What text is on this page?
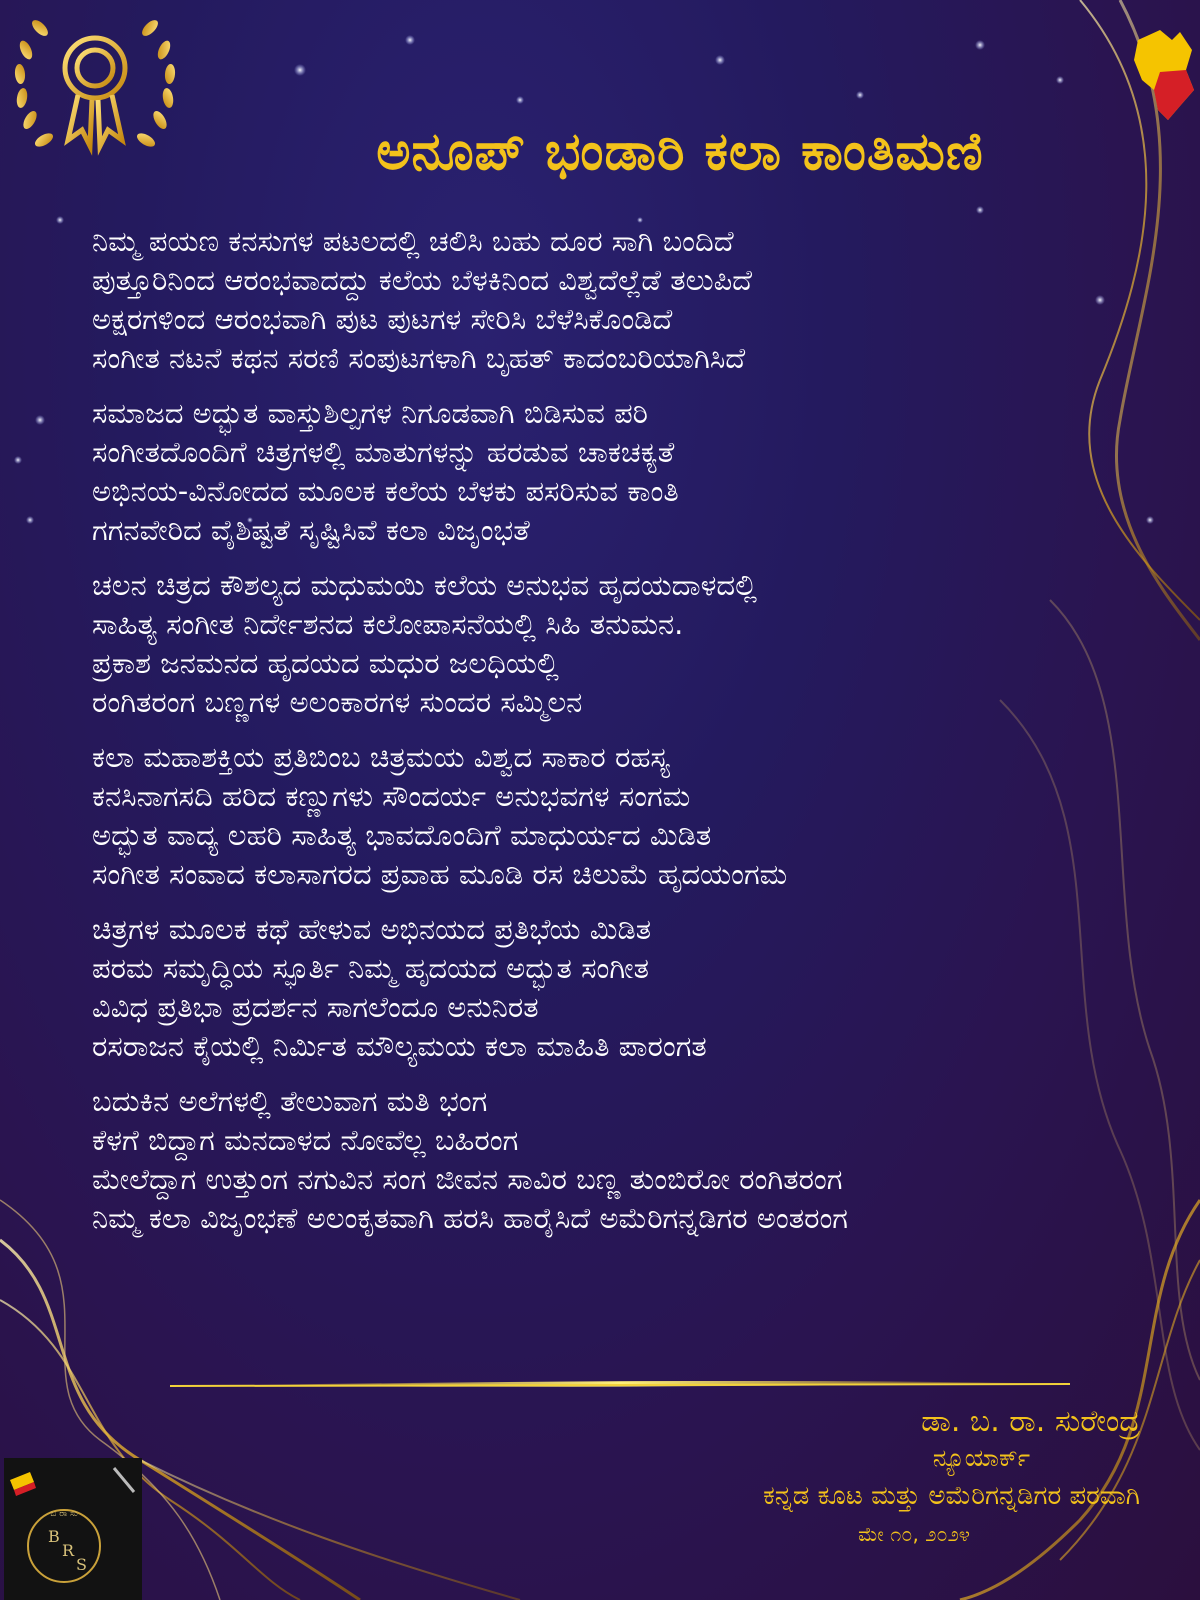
ಅನೂಪ್ ಭಂಡಾರಿ ಕಲಾ ಕಾಂತಿಮಣಿ
ನಿಮ್ಮ ಪಯಣ ಕನಸುಗಳ ಪಟಲದಲ್ಲಿ ಚಲಿಸಿ ಬಹು ದೂರ ಸಾಗಿ ಬಂದಿದೆ
ಪುತ್ತೂರಿನಿಂದ ಆರಂಭವಾದದ್ದು ಕಲೆಯ ಬೆಳಕಿನಿಂದ ವಿಶ್ವದೆಲ್ಲೆಡೆ ತಲುಪಿದೆ
ಅಕ್ಷರಗಳಿಂದ ಆರಂಭವಾಗಿ ಪುಟ ಪುಟಗಳ ಸೇರಿಸಿ ಬೆಳೆಸಿಕೊಂಡಿದೆ
ಸಂಗೀತ ನಟನೆ ಕಥನ ಸರಣಿ ಸಂಪುಟಗಳಾಗಿ ಬೃಹತ್ ಕಾದಂಬರಿಯಾಗಿಸಿದೆ
ಸಮಾಜದ ಅದ್ಭುತ ವಾಸ್ತುಶಿಲ್ಪಗಳ ನಿಗೂಡವಾಗಿ ಬಿಡಿಸುವ ಪರಿ
ಸಂಗೀತದೊಂದಿಗೆ ಚಿತ್ರಗಳಲ್ಲಿ ಮಾತುಗಳನ್ನು ಹರಡುವ ಚಾಕಚಕ್ಯತೆ
ಅಭಿನಯ-ವಿನೋದದ ಮೂಲಕ ಕಲೆಯ ಬೆಳಕು ಪಸರಿಸುವ ಕಾಂತಿ
ಗಗನವೇರಿದ ವೈಶಿಷ್ಟತೆ ಸೃಷ್ಟಿಸಿವೆ ಕಲಾ ವಿಜೃಂಭತೆ
ಚಲನ ಚಿತ್ರದ ಕೌಶಲ್ಯದ ಮಧುಮಯಿ ಕಲೆಯ ಅನುಭವ ಹೃದಯದಾಳದಲ್ಲಿ
ಸಾಹಿತ್ಯ ಸಂಗೀತ ನಿರ್ದೇಶನದ ಕಲೋಪಾಸನೆಯಲ್ಲಿ ಸಿಹಿ ತನುಮನ.
ಪ್ರಕಾಶ ಜನಮನದ ಹೃದಯದ ಮಧುರ ಜಲಧಿಯಲ್ಲಿ
ರಂಗಿತರಂಗ ಬಣ್ಣಗಳ ಅಲಂಕಾರಗಳ ಸುಂದರ ಸಮ್ಮಿಲನ
ಕಲಾ ಮಹಾಶಕ್ತಿಯ ಪ್ರತಿಬಿಂಬ ಚಿತ್ರಮಯ ವಿಶ್ವದ ಸಾಕಾರ ರಹಸ್ಯ
ಕನಸಿನಾಗಸದಿ ಹರಿದ ಕಣ್ಣುಗಳು ಸೌಂದರ್ಯ ಅನುಭವಗಳ ಸಂಗಮ
ಅದ್ಭುತ ವಾದ್ಯ ಲಹರಿ ಸಾಹಿತ್ಯ ಭಾವದೊಂದಿಗೆ ಮಾಧುರ್ಯದ ಮಿಡಿತ
ಸಂಗೀತ ಸಂವಾದ ಕಲಾಸಾಗರದ ಪ್ರವಾಹ ಮೂಡಿ ರಸ ಚಿಲುಮೆ ಹೃದಯಂಗಮ
ಚಿತ್ರಗಳ ಮೂಲಕ ಕಥೆ ಹೇಳುವ ಅಭಿನಯದ ಪ್ರತಿಭೆಯ ಮಿಡಿತ
ಪರಮ ಸಮೃದ್ಧಿಯ ಸ್ಫೂರ್ತಿ ನಿಮ್ಮ ಹೃದಯದ ಅದ್ಭುತ ಸಂಗೀತ
ವಿವಿಧ ಪ್ರತಿಭಾ ಪ್ರದರ್ಶನ ಸಾಗಲೆಂದೂ ಅನುನಿರತ
ರಸರಾಜನ ಕೈಯಲ್ಲಿ ನಿರ್ಮಿತ ಮೌಲ್ಯಮಯ ಕಲಾ ಮಾಹಿತಿ ಪಾರಂಗತ
ಬದುಕಿನ ಅಲೆಗಳಲ್ಲಿ ತೇಲುವಾಗ ಮತಿ ಭಂಗ
ಕೆಳಗೆ ಬಿದ್ದಾಗ ಮನದಾಳದ ನೋವೆಲ್ಲ ಬಹಿರಂಗ
ಮೇಲೆದ್ದಾಗ ಉತ್ತುಂಗ ನಗುವಿನ ಸಂಗ ಜೀವನ ಸಾವಿರ ಬಣ್ಣ ತುಂಬಿರೋ ರಂಗಿತರಂಗ
ನಿಮ್ಮ ಕಲಾ ವಿಜೃಂಭಣೆ ಅಲಂಕೃತವಾಗಿ ಹರಸಿ ಹಾರೈಸಿದೆ ಅಮೆರಿಗನ್ನಡಿಗರ ಅಂತರಂಗ
ಡಾ. ಬ. ರಾ. ಸುರೇಂದ್ರ
ನ್ಯೂಯಾರ್ಕ್
ಕನ್ನಡ ಕೂಟ ಮತ್ತು ಅಮೆರಿಗನ್ನಡಿಗರ ಪರವಾಗಿ
ಮೇ ೧೦, ೨೦೨೪
ಬ ರಾ ಸು
B
R
S
